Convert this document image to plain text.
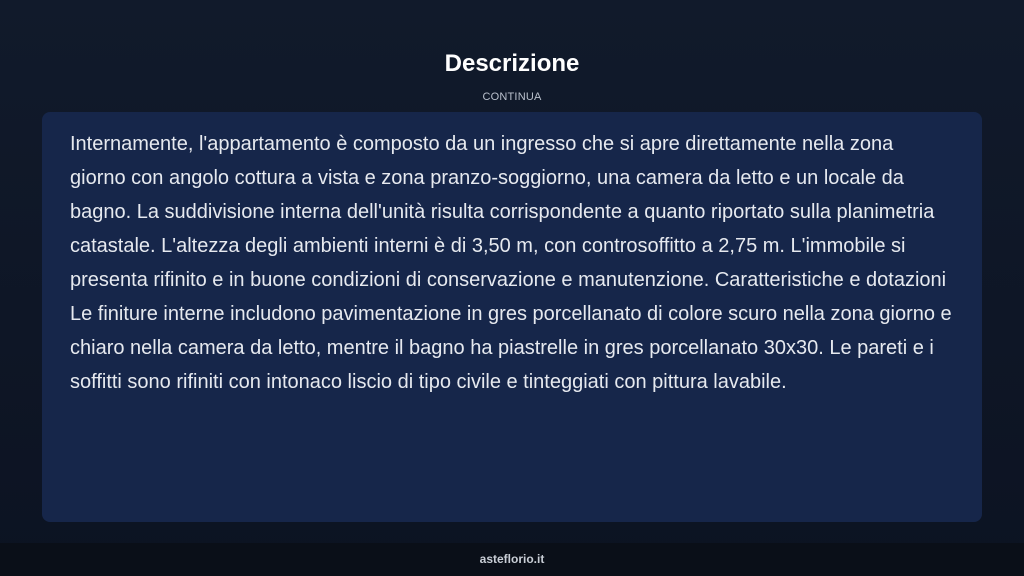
Descrizione
CONTINUA

Internamente, l'appartamento è composto da un ingresso che si apre direttamente nella zona giorno con angolo cottura a vista e zona pranzo-soggiorno, una camera da letto e un locale da bagno. La suddivisione interna dell'unità risulta corrispondente a quanto riportato sulla planimetria catastale. L'altezza degli ambienti interni è di 3,50 m, con controsoffitto a 2,75 m. L'immobile si presenta rifinito e in buone condizioni di conservazione e manutenzione. Caratteristiche e dotazioni Le finiture interne includono pavimentazione in gres porcellanato di colore scuro nella zona giorno e chiaro nella camera da letto, mentre il bagno ha piastrelle in gres porcellanato 30x30. Le pareti e i soffitti sono rifiniti con intonaco liscio di tipo civile e tinteggiati con pittura lavabile.

asteflorio.it
